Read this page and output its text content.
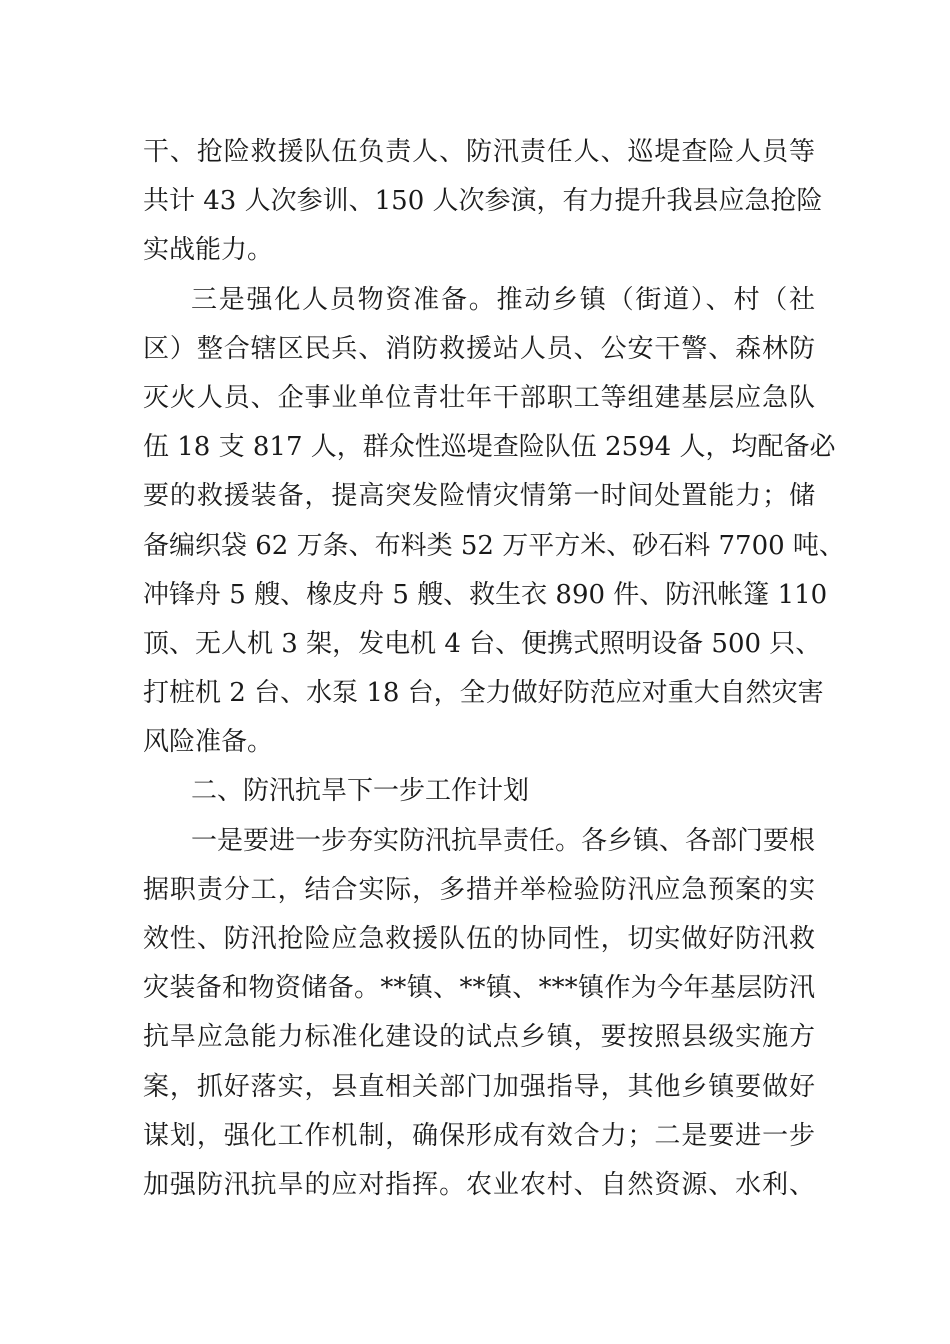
干、抢险救援队伍负责人、防汛责任人、巡堤查险人员等
共计 43 人次参训、150 人次参演，有力提升我县应急抢险
实战能力。
三是强化人员物资准备。推动乡镇（街道）、村（社
区）整合辖区民兵、消防救援站人员、公安干警、森林防
灭火人员、企事业单位青壮年干部职工等组建基层应急队
伍 18 支 817 人，群众性巡堤查险队伍 2594 人，均配备必
要的救援装备，提高突发险情灾情第一时间处置能力；储
备编织袋 62 万条、布料类 52 万平方米、砂石料 7700 吨、
冲锋舟 5 艘、橡皮舟 5 艘、救生衣 890 件、防汛帐篷 110
顶、无人机 3 架，发电机 4 台、便携式照明设备 500 只、
打桩机 2 台、水泵 18 台，全力做好防范应对重大自然灾害
风险准备。
二、防汛抗旱下一步工作计划
一是要进一步夯实防汛抗旱责任。各乡镇、各部门要根
据职责分工，结合实际，多措并举检验防汛应急预案的实
效性、防汛抢险应急救援队伍的协同性，切实做好防汛救
灾装备和物资储备。**镇、**镇、***镇作为今年基层防汛
抗旱应急能力标准化建设的试点乡镇，要按照县级实施方
案，抓好落实，县直相关部门加强指导，其他乡镇要做好
谋划，强化工作机制，确保形成有效合力；二是要进一步
加强防汛抗旱的应对指挥。农业农村、自然资源、水利、
